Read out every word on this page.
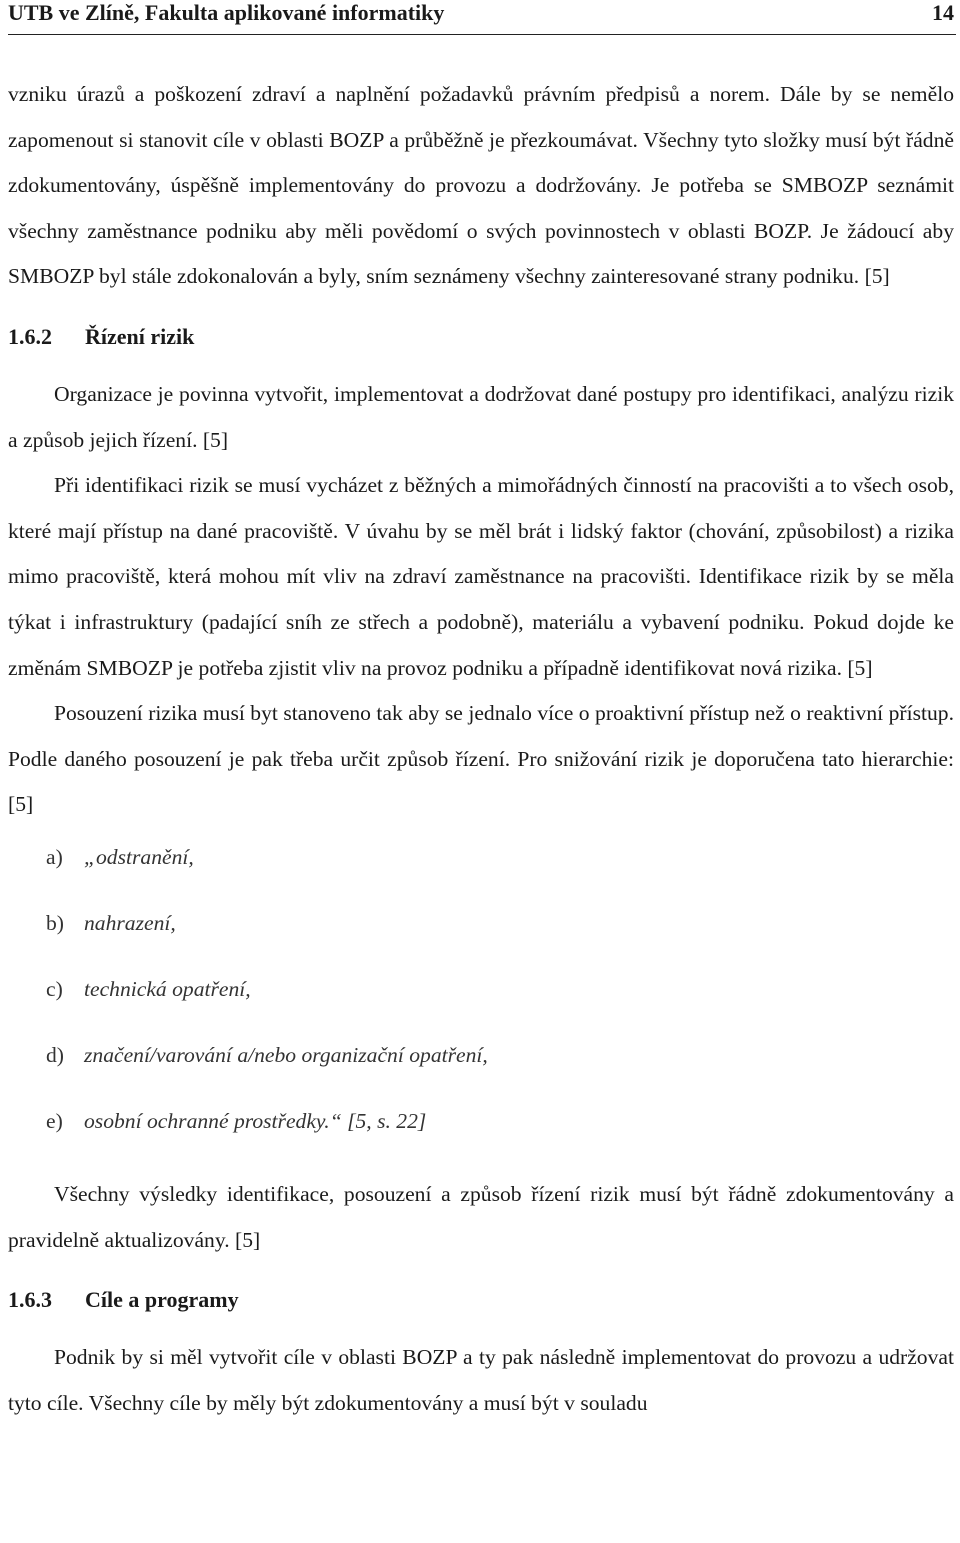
UTB ve Zlíně, Fakulta aplikované informatiky	14

vzniku úrazů a poškození zdraví a naplnění požadavků právním předpisů a norem. Dále by se nemělo zapomenout si stanovit cíle v oblasti BOZP a průběžně je přezkoumávat. Všechny tyto složky musí být řádně zdokumentovány, úspěšně implementovány do provozu a dodržovány. Je potřeba se SMBOZP seznámit všechny zaměstnance podniku aby měli povědomí o svých povinnostech v oblasti BOZP. Je žádoucí aby SMBOZP byl stále zdokonalován a byly, sním seznámeny všechny zainteresované strany podniku. [5]

1.6.2	Řízení rizik

Organizace je povinna vytvořit, implementovat a dodržovat dané postupy pro identifikaci, analýzu rizik a způsob jejich řízení. [5]

Při identifikaci rizik se musí vycházet z běžných a mimořádných činností na pracovišti a to všech osob, které mají přístup na dané pracoviště. V úvahu by se měl brát i lidský faktor (chování, způsobilost) a rizika mimo pracoviště, která mohou mít vliv na zdraví zaměstnance na pracovišti. Identifikace rizik by se měla týkat i infrastruktury (padající sníh ze střech a podobně), materiálu a vybavení podniku. Pokud dojde ke změnám SMBOZP je potřeba zjistit vliv na provoz podniku a případně identifikovat nová rizika. [5]

Posouzení rizika musí byt stanoveno tak aby se jednalo více o proaktivní přístup než o reaktivní přístup. Podle daného posouzení je pak třeba určit způsob řízení. Pro snižování rizik je doporučena tato hierarchie: [5]

a) „odstranění,
b) nahrazení,
c) technická opatření,
d) značení/varování a/nebo organizační opatření,
e) osobní ochranné prostředky.“ [5, s. 22]

Všechny výsledky identifikace, posouzení a způsob řízení rizik musí být řádně zdokumentovány a pravidelně aktualizovány. [5]

1.6.3	Cíle a programy

Podnik by si měl vytvořit cíle v oblasti BOZP a ty pak následně implementovat do provozu a udržovat tyto cíle. Všechny cíle by měly být zdokumentovány a musí být v souladu
